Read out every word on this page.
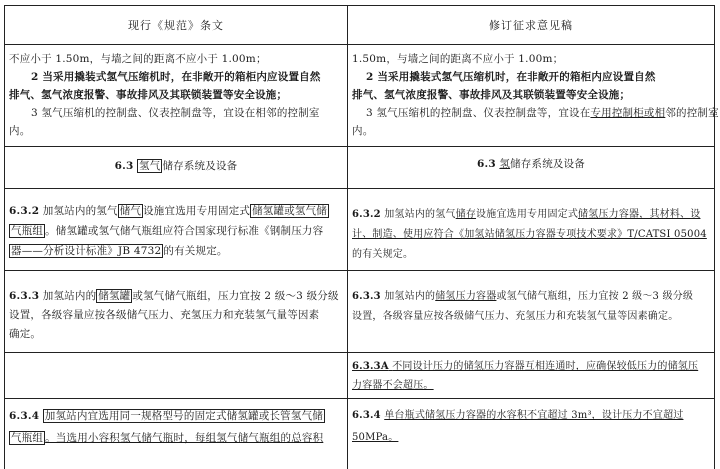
现行《规范》条文	修订征求意见稿

不应小于 1.50m，与墙之间的距离不应小于 1.00m；

2 当采用撬装式氢气压缩机时，在非敞开的箱柜内应设置自然

排气、氢气浓度报警、事故排风及其联锁装置等安全设施；

3 氢气压缩机的控制盘、仪表控制盘等，宜设在相邻的控制室

内。

1.50m，与墙之间的距离不应小于 1.00m；

2 当采用撬装式氢气压缩机时，在非敞开的箱柜内应设置自然

排气、氢气浓度报警、事故排风及其联锁装置等安全设施；

3 氢气压缩机的控制盘、仪表控制盘等，宜设在专用控制柜或相邻的控制室

内。

6.3 氢气 储存系统及设备	6.3 氢储存系统及设备

6.3.2 加氢站内的氢气 储气 设施宜选用专用固定式 储氢罐或氢气储

气瓶组 。储氢罐或氢气储气瓶组应符合国家现行标准《钢制压力容

器——分析设计标准》JB 4732 的有关规定。

6.3.2 加氢站内的氢气储存设施宜选用专用固定式储氢压力容器，其材料、设

计、制造、使用应符合《加氢站储氢压力容器专项技术要求》T/CATSI 05004

的有关规定。

6.3.3 加氢站内的 储氢罐 或氢气储气瓶组，压力宜按 2 级～3 级分级

设置，各级容量应按各级储气压力、充氢压力和充装氢气量等因素

确定。

6.3.3 加氢站内的储氢压力容器或氢气储气瓶组，压力宜按 2 级～3 级分级

设置，各级容量应按各级储气压力、充氢压力和充装氢气量等因素确定。

6.3.3A 不同设计压力的储氢压力容器互相连通时，应确保较低压力的储氢压

力容器不会超压。

6.3.4 加氢站内宜选用同一规格型号的固定式储氢罐或长管氢气储

气瓶组 。当选用小容积氢气储气瓶时，每组氢气储气瓶组的总容积

6.3.4 单台瓶式储氢压力容器的水容积不宜超过 3m³，设计压力不宜超过

50MPa。
